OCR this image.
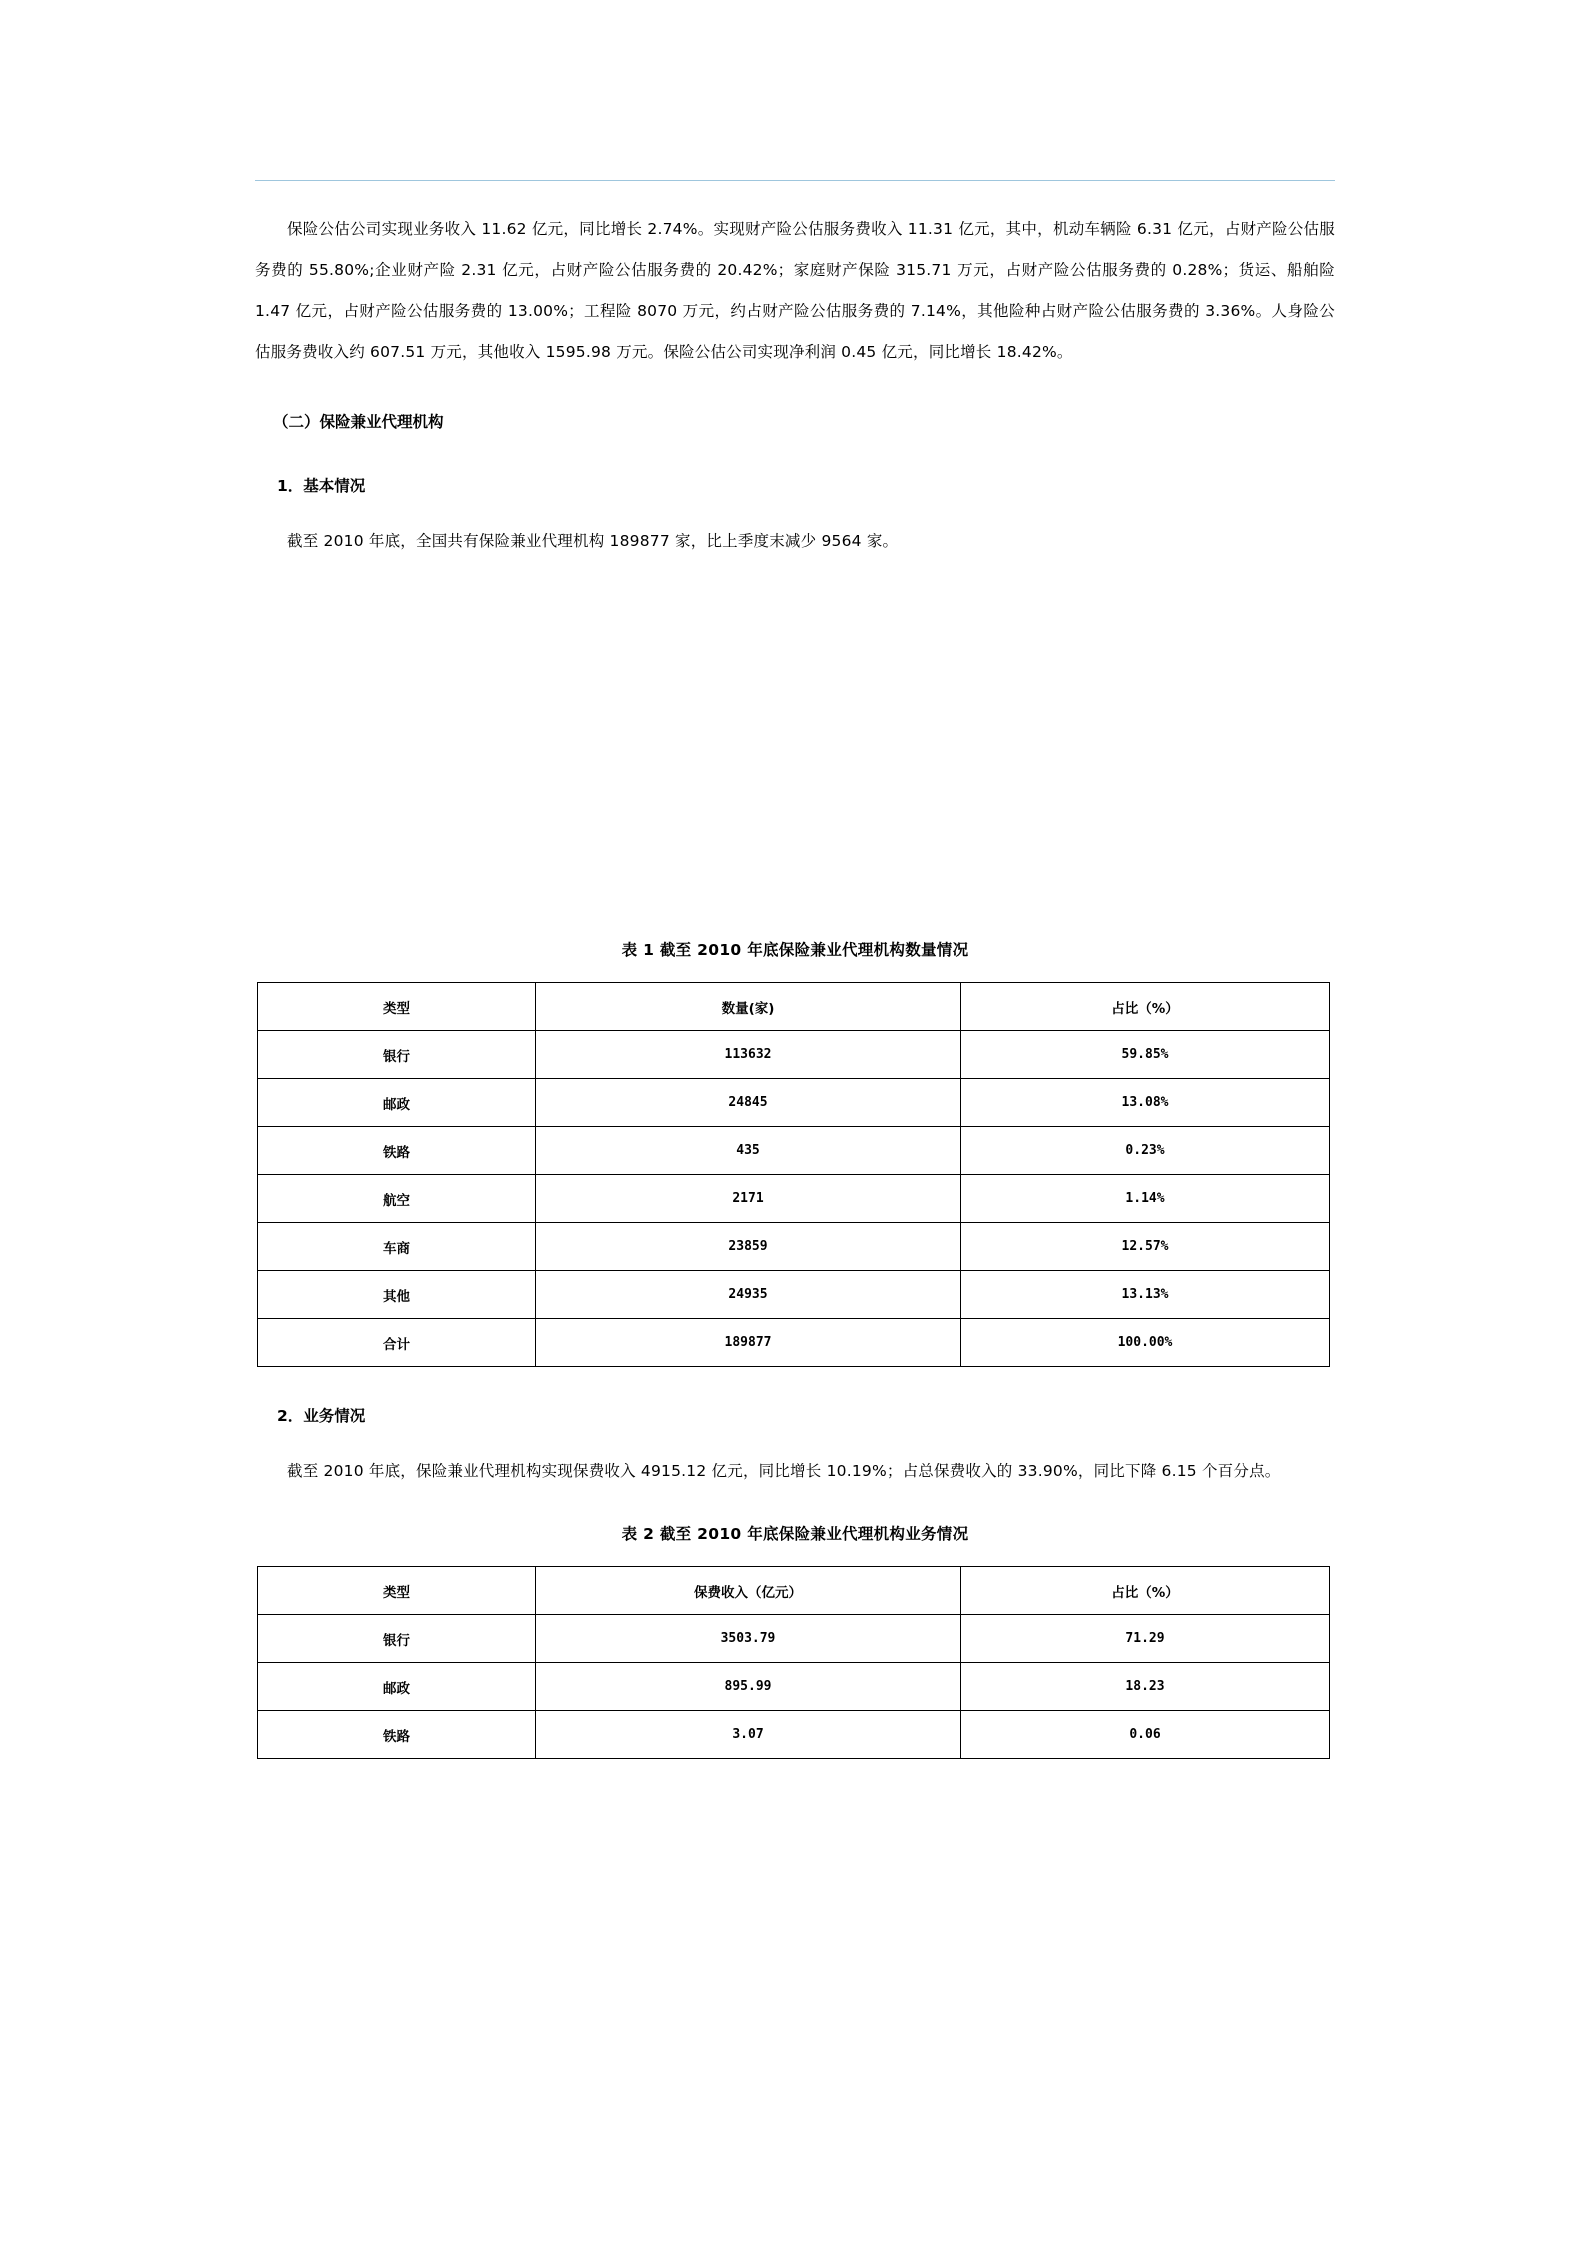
保险公估公司实现业务收入 11.62 亿元，同比增长 2.74%。实现财产险公估服务费收入 11.31 亿元，其中，机动车辆险 6.31 亿元，占财产险公估服务费的 55.80%;企业财产险 2.31 亿元，占财产险公估服务费的 20.42%；家庭财产保险 315.71 万元，占财产险公估服务费的 0.28%；货运、船舶险 1.47 亿元，占财产险公估服务费的 13.00%；工程险 8070 万元，约占财产险公估服务费的 7.14%，其他险种占财产险公估服务费的 3.36%。人身险公估服务费收入约 607.51 万元，其他收入 1595.98 万元。保险公估公司实现净利润 0.45 亿元，同比增长 18.42%。

（二）保险兼业代理机构
1．基本情况

截至 2010 年底，全国共有保险兼业代理机构 189877 家，比上季度末减少 9564 家。

表 1 截至 2010 年底保险兼业代理机构数量情况
类型	数量(家)	占比（%）
银行	113632	59.85%
邮政	24845	13.08%
铁路	435	0.23%
航空	2171	1.14%
车商	23859	12.57%
其他	24935	13.13%
合计	189877	100.00%
2．业务情况

截至 2010 年底，保险兼业代理机构实现保费收入 4915.12 亿元，同比增长 10.19%；占总保费收入的 33.90%，同比下降 6.15 个百分点。

表 2 截至 2010 年底保险兼业代理机构业务情况
类型	保费收入（亿元）	占比（%）
银行	3503.79	71.29
邮政	895.99	18.23
铁路	3.07	0.06
